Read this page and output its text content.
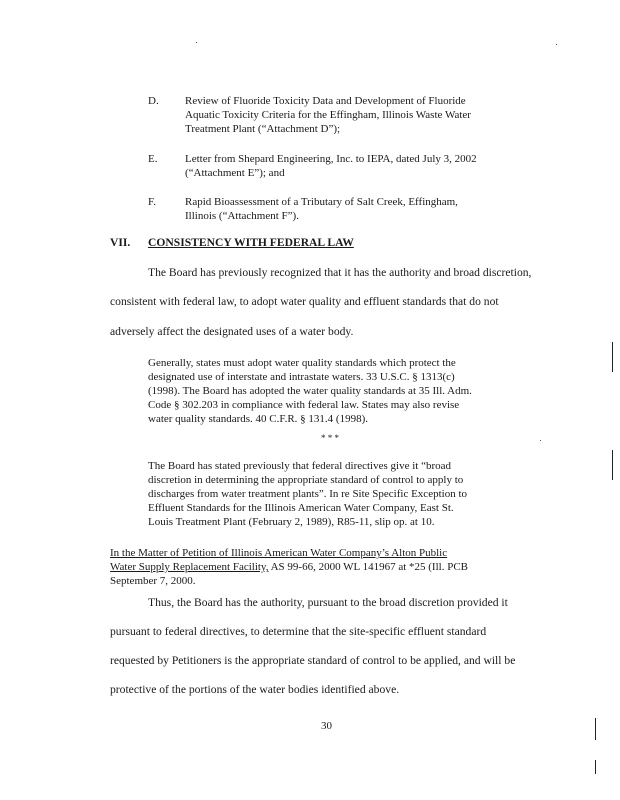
D. Review of Fluoride Toxicity Data and Development of Fluoride
Aquatic Toxicity Criteria for the Effingham, Illinois Waste Water
Treatment Plant (“Attachment D”);
E.	Letter from Shepard Engineering, Inc. to IEPA, dated July 3, 2002
(“Attachment E”); and
F.	Rapid Bioassessment of a Tributary of Salt Creek, Effingham,
Illinois (“Attachment F”).
VII. CONSISTENCY WITH FEDERAL LAW
The Board has previously recognized that it has the authority and broad discretion,
consistent with federal law, to adopt water quality and effluent standards that do not
adversely affect the designated uses of a water body.
Generally, states must adopt water quality standards which protect the
designated use of interstate and intrastate waters. 33 U.S.C. § 1313(c)
(1998). The Board has adopted the water quality standards at 35 Ill. Adm.
Code § 302.203 in compliance with federal law. States may also revise
water quality standards. 40 C.F.R. § 131.4 (1998).
* * *
The Board has stated previously that federal directives give it “broad
discretion in determining the appropriate standard of control to apply to
discharges from water treatment plants”. In re Site Specific Exception to
Effluent Standards for the Illinois American Water Company, East St.
Louis Treatment Plant (February 2, 1989), R85-11, slip op. at 10.
In the Matter of Petition of Illinois American Water Company’s Alton Public
Water Supply Replacement Facility, AS 99-66, 2000 WL 141967 at *25 (Ill. PCB
September 7, 2000.
Thus, the Board has the authority, pursuant to the broad discretion provided it
pursuant to federal directives, to determine that the site-specific effluent standard
requested by Petitioners is the appropriate standard of control to be applied, and will be
protective of the portions of the water bodies identified above.
30
